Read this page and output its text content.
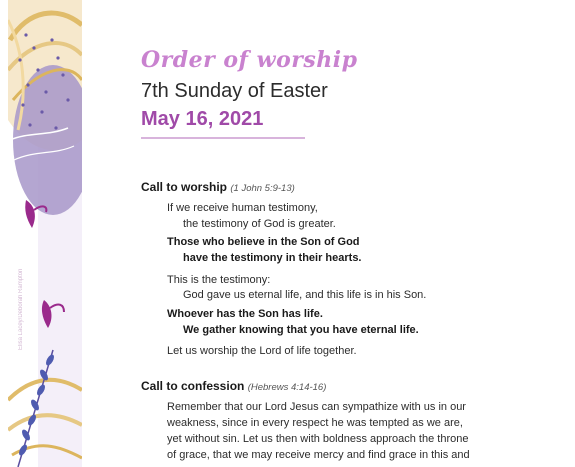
Elisa Lacey/Deborah Rampton
Order of worship
7th Sunday of Easter
May 16, 2021
Call to worship (1 John 5:9-13)
If we receive human testimony,
the testimony of God is greater.
Those who believe in the Son of God
have the testimony in their hearts.
This is the testimony:
God gave us eternal life, and this life is in his Son.
Whoever has the Son has life.
We gather knowing that you have eternal life.
Let us worship the Lord of life together.
Call to confession (Hebrews 4:14-16)
Remember that our Lord Jesus can sympathize with us in our
weakness, since in every respect he was tempted as we are,
yet without sin. Let us then with boldness approach the throne
of grace, that we may receive mercy and find grace in this and
